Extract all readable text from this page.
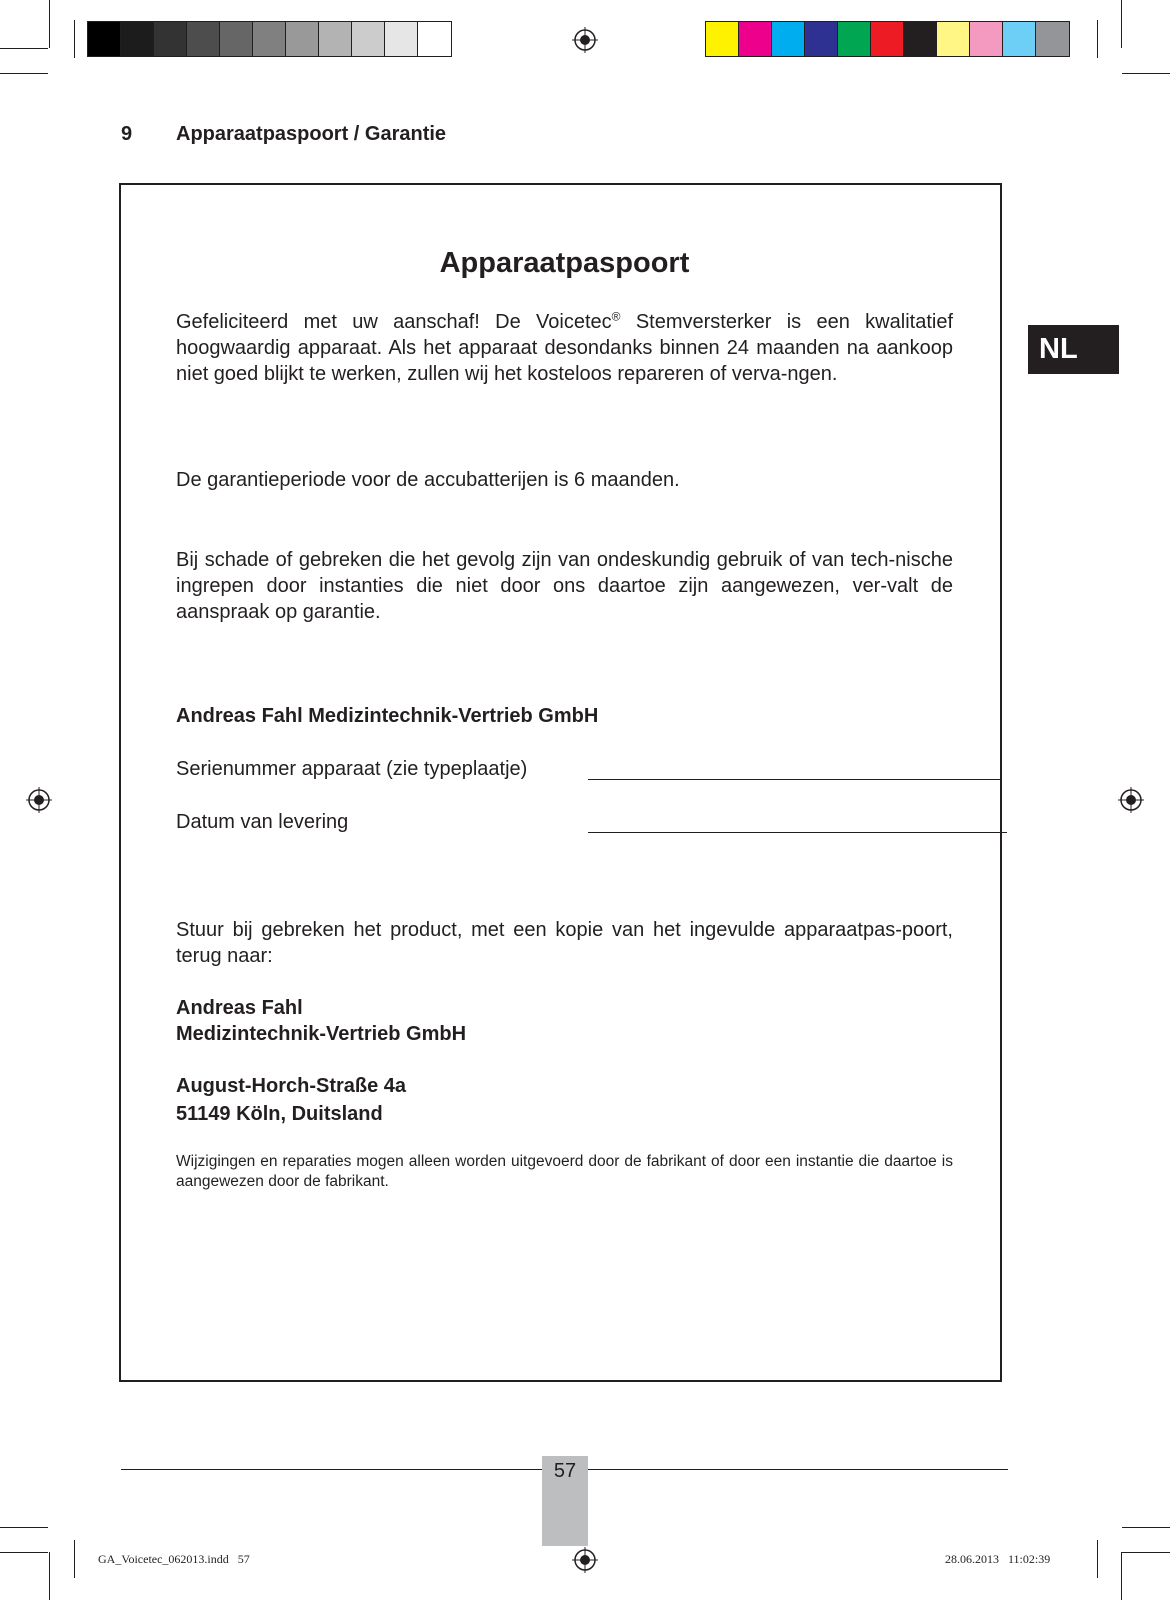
9 Apparaatpaspoort / Garantie
NL
Apparaatpaspoort
Gefeliciteerd met uw aanschaf! De Voicetec® Stemversterker is een kwalitatief hoogwaardig apparaat. Als het apparaat desondanks binnen 24 maanden na aankoop niet goed blijkt te werken, zullen wij het kosteloos repareren of verva-ngen.
De garantieperiode voor de accubatterijen is 6 maanden.
Bij schade of gebreken die het gevolg zijn van ondeskundig gebruik of van tech-nische ingrepen door instanties die niet door ons daartoe zijn aangewezen, ver-valt de aanspraak op garantie.
Andreas Fahl Medizintechnik-Vertrieb GmbH
Serienummer apparaat (zie typeplaatje)
Datum van levering
Stuur bij gebreken het product, met een kopie van het ingevulde apparaatpas-poort, terug naar:
Andreas Fahl
Medizintechnik-Vertrieb GmbH
August-Horch-Straße 4a
51149 Köln, Duitsland
Wijzigingen en reparaties mogen alleen worden uitgevoerd door de fabrikant of door een instantie die daartoe is aangewezen door de fabrikant.
57
GA_Voicetec_062013.indd   57	28.06.2013   11:02:39
